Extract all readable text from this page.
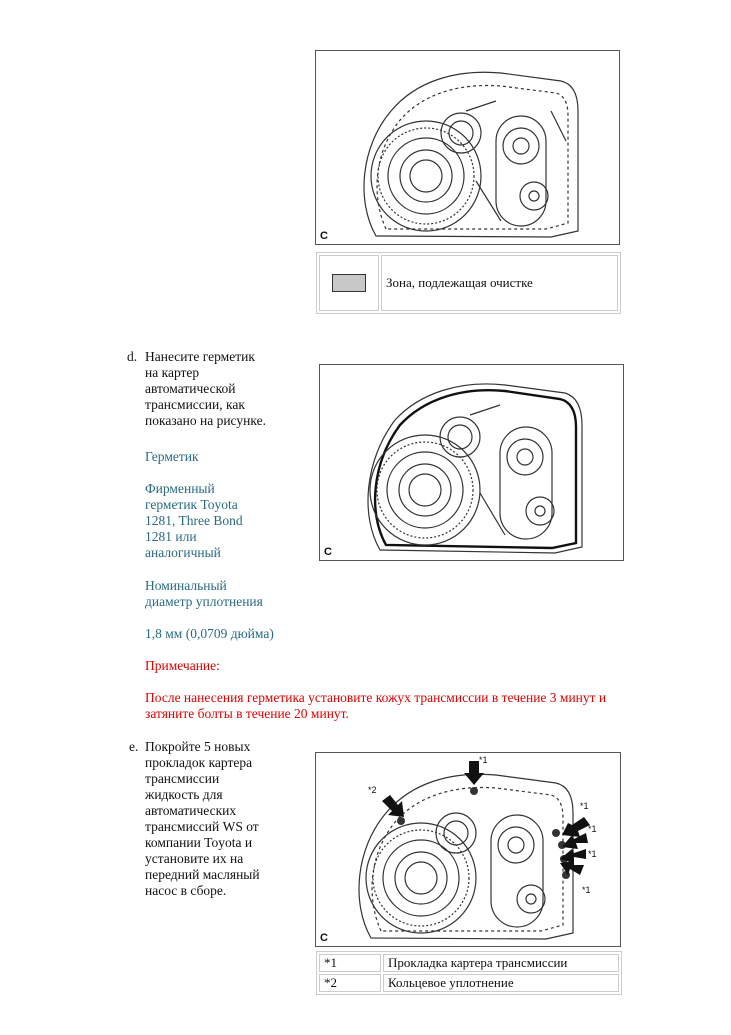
C
	Зона, подлежащая очистке
d. Нанесите герметик
на картер
автоматической
трансмиссии, как
показано на рисунке.
Герметик
Фирменный
герметик Toyota
1281, Three Bond
1281 или
аналогичный
Номинальный
диаметр уплотнения
1,8 мм (0,0709 дюйма)
Примечание:
После нанесения герметика установите кожух трансмиссии в течение 3 минут и
затяните болты в течение 20 минут.
C
e. Покройте 5 новых
прокладок картера
трансмиссии
жидкость для
автоматических
трансмиссий WS от
компании Toyota и
установите их на
передний масляный
насос в сборе.
*1
*2
*1
*1
*1
*1
C
*1	Прокладка картера трансмиссии
*2	Кольцевое уплотнение
